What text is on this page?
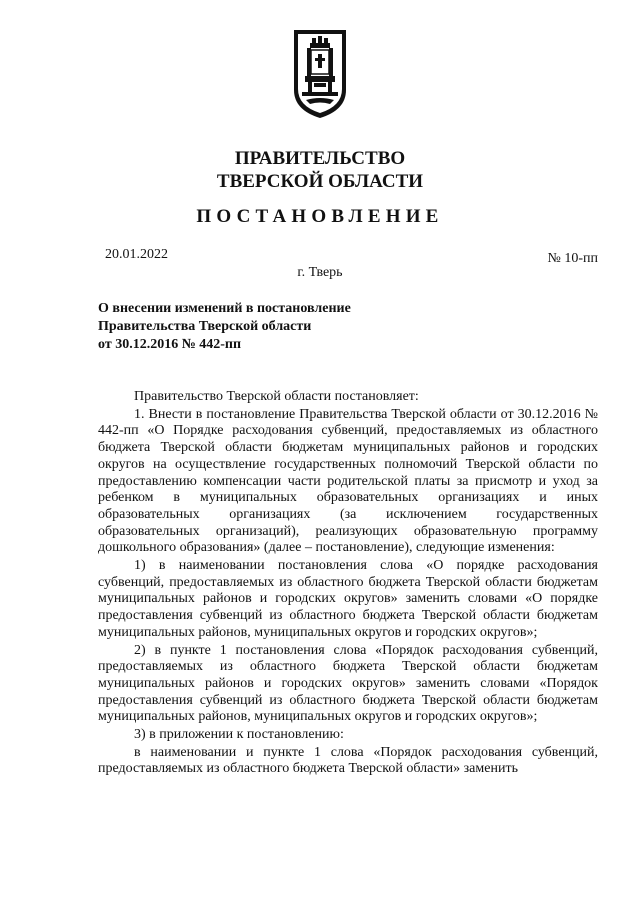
ПРАВИТЕЛЬСТВО
ТВЕРСКОЙ ОБЛАСТИ
ПОСТАНОВЛЕНИЕ
20.01.2022	№ 10-пп
г. Тверь
О внесении изменений в постановление
Правительства Тверской области
от 30.12.2016 № 442-пп

Правительство Тверской области постановляет:

1. Внести в постановление Правительства Тверской области от 30.12.2016 № 442-пп «О Порядке расходования субвенций, предоставляемых из областного бюджета Тверской области бюджетам муниципальных районов и городских округов на осуществление государственных полномочий Тверской области по предоставлению компенсации части родительской платы за присмотр и уход за ребенком в муниципальных образовательных организациях и иных образовательных организациях (за исключением государственных образовательных организаций), реализующих образовательную программу дошкольного образования» (далее – постановление), следующие изменения:

1) в наименовании постановления слова «О порядке расходования субвенций, предоставляемых из областного бюджета Тверской области бюджетам муниципальных районов и городских округов» заменить словами «О порядке предоставления субвенций из областного бюджета Тверской области бюджетам муниципальных районов, муниципальных округов и городских округов»;

2) в пункте 1 постановления слова «Порядок расходования субвенций, предоставляемых из областного бюджета Тверской области бюджетам муниципальных районов и городских округов» заменить словами «Порядок предоставления субвенций из областного бюджета Тверской области бюджетам муниципальных районов, муниципальных округов и городских округов»;

3) в приложении к постановлению:

в наименовании и пункте 1 слова «Порядок расходования субвенций, предоставляемых из областного бюджета Тверской области» заменить
